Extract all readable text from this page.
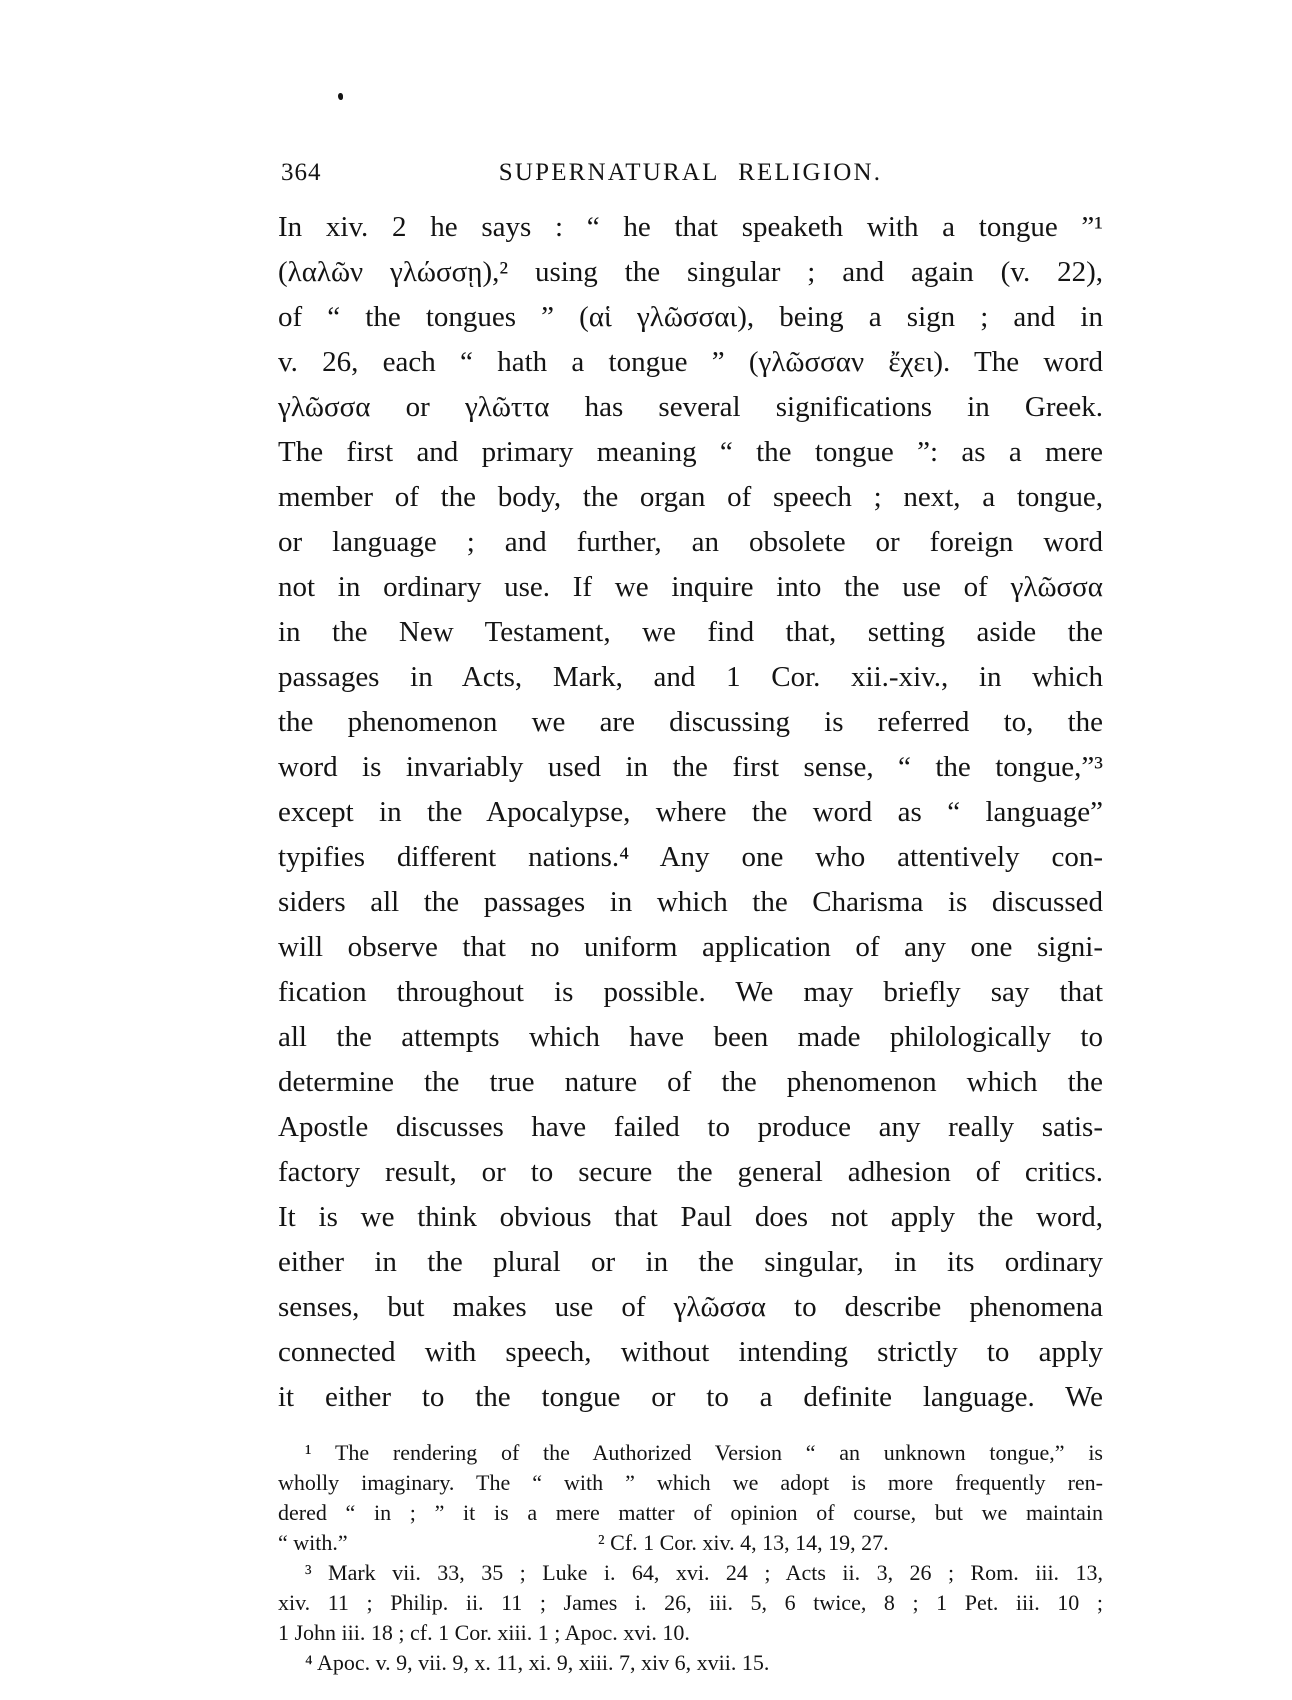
364	SUPERNATURAL RELIGION.
In xiv. 2 he says : “ he that speaketh with a tongue ”¹
(λαλῶν γλώσσῃ),² using the singular ; and again (v. 22),
of “ the tongues ” (αἱ γλῶσσαι), being a sign ; and in
v. 26, each “ hath a tongue ” (γλῶσσαν ἔχει). The word
γλῶσσα or γλῶττα has several significations in Greek.
The first and primary meaning “ the tongue ”: as a mere
member of the body, the organ of speech ; next, a tongue,
or language ; and further, an obsolete or foreign word
not in ordinary use. If we inquire into the use of γλῶσσα
in the New Testament, we find that, setting aside the
passages in Acts, Mark, and 1 Cor. xii.-xiv., in which
the phenomenon we are discussing is referred to, the
word is invariably used in the first sense, “ the tongue,”³
except in the Apocalypse, where the word as “ language”
typifies different nations.⁴ Any one who attentively con-
siders all the passages in which the Charisma is discussed
will observe that no uniform application of any one signi-
fication throughout is possible. We may briefly say that
all the attempts which have been made philologically to
determine the true nature of the phenomenon which the
Apostle discusses have failed to produce any really satis-
factory result, or to secure the general adhesion of critics.
It is we think obvious that Paul does not apply the word,
either in the plural or in the singular, in its ordinary
senses, but makes use of γλῶσσα to describe phenomena
connected with speech, without intending strictly to apply
it either to the tongue or to a definite language. We
¹ The rendering of the Authorized Version “ an unknown tongue,” is
wholly imaginary. The “ with ” which we adopt is more frequently ren-
dered “ in ; ” it is a mere matter of opinion of course, but we maintain
“ with.”	² Cf. 1 Cor. xiv. 4, 13, 14, 19, 27.
³ Mark vii. 33, 35 ; Luke i. 64, xvi. 24 ; Acts ii. 3, 26 ; Rom. iii. 13,
xiv. 11 ; Philip. ii. 11 ; James i. 26, iii. 5, 6 twice, 8 ; 1 Pet. iii. 10 ;
1 John iii. 18 ; cf. 1 Cor. xiii. 1 ; Apoc. xvi. 10.
⁴ Apoc. v. 9, vii. 9, x. 11, xi. 9, xiii. 7, xiv 6, xvii. 15.
